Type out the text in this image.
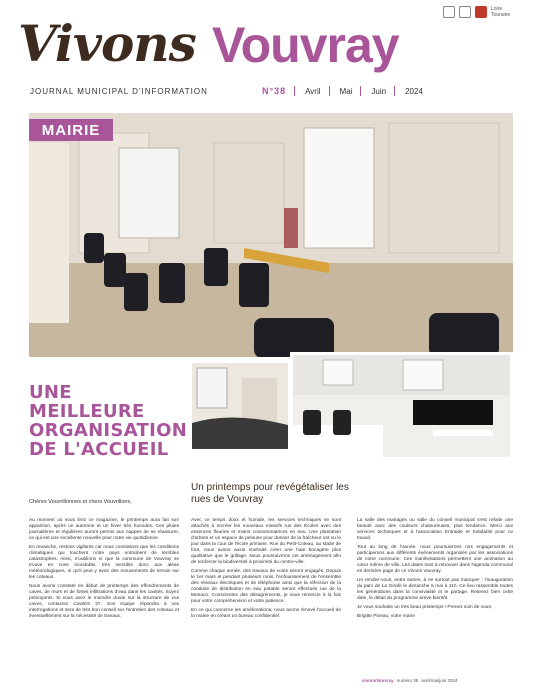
Loire Touraine
Vivons Vouvray
JOURNAL MUNICIPAL D'INFORMATION	N°38 Avril Mai Juin 2024
MAIRIE
UNE MEILLEURE ORGANISATION DE L'ACCUEIL
Un printemps pour revégétaliser les rues de Vouvray
Chères Vouvrillonnes et chers Vouvrillons,

Au moment où vous lirez ce magazine, le printemps aura fait son apparition, après un automne et un hiver très humides. Ces pluies journalières et régulières auront permis aux nappes de se réassurer, ce qui est une excellente nouvelle pour notre vie quotidienne.

En revanche, restons vigilants car nous constatons que les conditions climatiques qui touchent notre pays entraînent de terribles catastrophes. Ainsi, n'oublions ni que la commune de Vouvray se trouve en zone inondable, très sensible donc aux aléas météorologiques, ni qu'il peut y avoir des mouvements de terrain sur les coteaux.

Nous avons constaté en début de printemps des effondrements de caves, de murs et de fortes infiltrations d'eau dans les cavités. Soyez prévoyants. Si vous avez le moindre doute sur la structure de vos caves, contactez CavitéS 37. Son équipe répondra à vos interrogations et sera de très bon conseil sur l'entretien des coteaux et éventuellement sur la nécessité de travaux.

Avec ce temps doux et humide, les services techniques se sont attachés à recréer les nouveaux massifs rue des Écoles avec des essences fleuries et moins consommatrices en eau. Une plantation d'arbres et un espace de pelouse pour donner de la fraîcheur ont vu le jour dans la cour de l'école primaire. Rue du Petit-Coteau, au stade de foot, nous avons aussi souhaité créer une haie bocagère plus qualitative que le grillage. Nous poursuivrons cet aménagement afin de renforcer la biodiversité à proximité du centre-ville.

Comme chaque année, des travaux de voirie seront engagés. Depuis le 1er mars et pendant plusieurs mois, l'enfouissement de l'ensemble des réseaux électriques et de téléphonie ainsi que la réfection de la conduite de distribution en eau potable seront effectués rue de la Monaco. Conscientes des désagréments, je vous remercie à la fois pour votre compréhension et votre patience.

En ce qui concerne les améliorations, nous avons rénové l'accueil de la mairie en créant un bureau confidentiel.

La salle des mariages ou salle du conseil municipal s'est refaite une beauté avec des couleurs chaleureuses, plus tendance. Merci aux services techniques et à l'association Entraide et Solidarité pour ce travail.

Tout au long de l'année, nous poursuivrons nos engagements et participerons aux différents événements organisés par les associations de notre commune. Ces manifestations permettent une animation au cœur même de ville. Les dates sont à retrouver dans l'agenda communal en dernière page de ce Vivons Vouvray.

Un rendez-vous, entre autres, à ne surtout pas manquer : l'inauguration du parc de La Girafe le dimanche 5 mai à 11h. Ce lieu rassemble toutes les générations dans la convivialité et le partage. Retenez bien cette date, le détail du programme arrive bientôt.

Je vous souhaite un très beau printemps ! Prenez soin de vous,

Brigitte Pineau, votre maire

vivonsVouvray numéro 38 avril/mai/juin 2024
